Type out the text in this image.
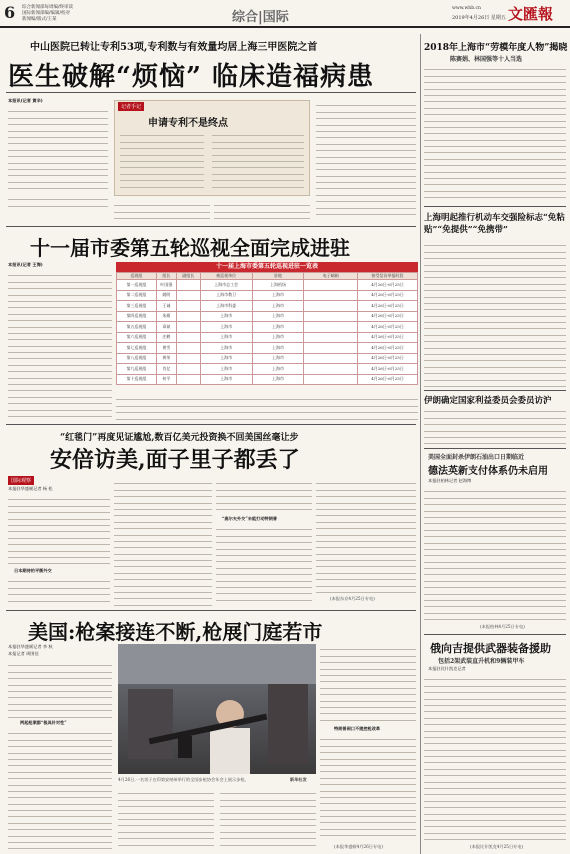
6 综合新闻部每周编/终审读
国际新闻部编/编辑/校对
新闻编/版式/王某	综合|国际
www.whb.cn
2019年4月26日 星期五 文匯報
中山医院已转让专利53项,专利数与有效量均居上海三甲医院之首
医生破解“烦恼” 临床造福病患
本报讯(记者 黄辛)
记者手记
申请专利不是终点
十一届市委第五轮巡视全面完成进驻
本报讯(记者 王海)	十一届上海市委第五轮巡视进驻一览表
巡视组	组长	副组长	被巡视单位	驻地	电子邮箱	接受信访举报时段
第一巡视组	叶国强		上海市总工会	上海机场		4月26日-6月25日
第二巡视组	姚明		上海市教卫	上海市		4月26日-6月25日
第三巡视组	王诚		上海市科委	上海市		4月26日-6月25日
第四巡视组	朱雁		上海市	上海市		4月26日-6月25日
第五巡视组	章斌		上海市	上海市		4月26日-6月25日
第六巡视组	庄鹤		上海市	上海市		4月26日-6月25日
第七巡视组	黄雪		上海市	上海市		4月26日-6月25日
第八巡视组	黄荣		上海市	上海市		4月26日-6月25日
第九巡视组	肖亿		上海市	上海市		4月26日-6月25日
第十巡视组	何平		上海市	上海市		4月26日-6月25日
“红毯门”再度见证尴尬,数百亿美元投资换不回美国丝毫让步
安倍访美,面子里子都丢了
国际观察
本报驻华盛顿记者 杨 松
日本期待的平衡外交
“高尔夫外交”未能打动特朗普
(本报东京4月25日专电)
美国:枪案接连不断,枪展门庭若市
本报驻华盛顿记者 李 秋
本报记者 周围佳
两起枪案都“极具针对性”
4月26日,一名男子在印第安纳州举行的全国步枪协会年会上展示步枪。	新华社发
特朗普闹口不提控枪改革
(本报华盛顿4月26日专电)
2018年上海市“劳模年度人物”揭晓
陈赛娟、林国强等十人当选
上海明起推行机动车交强险标志“免粘贴”“免提供”“免携带”
伊朗确定国家利益委员会委员访沪
美国全面封杀伊朗石油出口日期临近
德法英新支付体系仍未启用
本报驻柏林记者 赵海博
(本报柏林4月25日专电)
俄向吉提供武器装备援助
包括2架武装直升机和9辆装甲车
本报驻比什凯克记者
(本报比什凯克4月25日专电)
